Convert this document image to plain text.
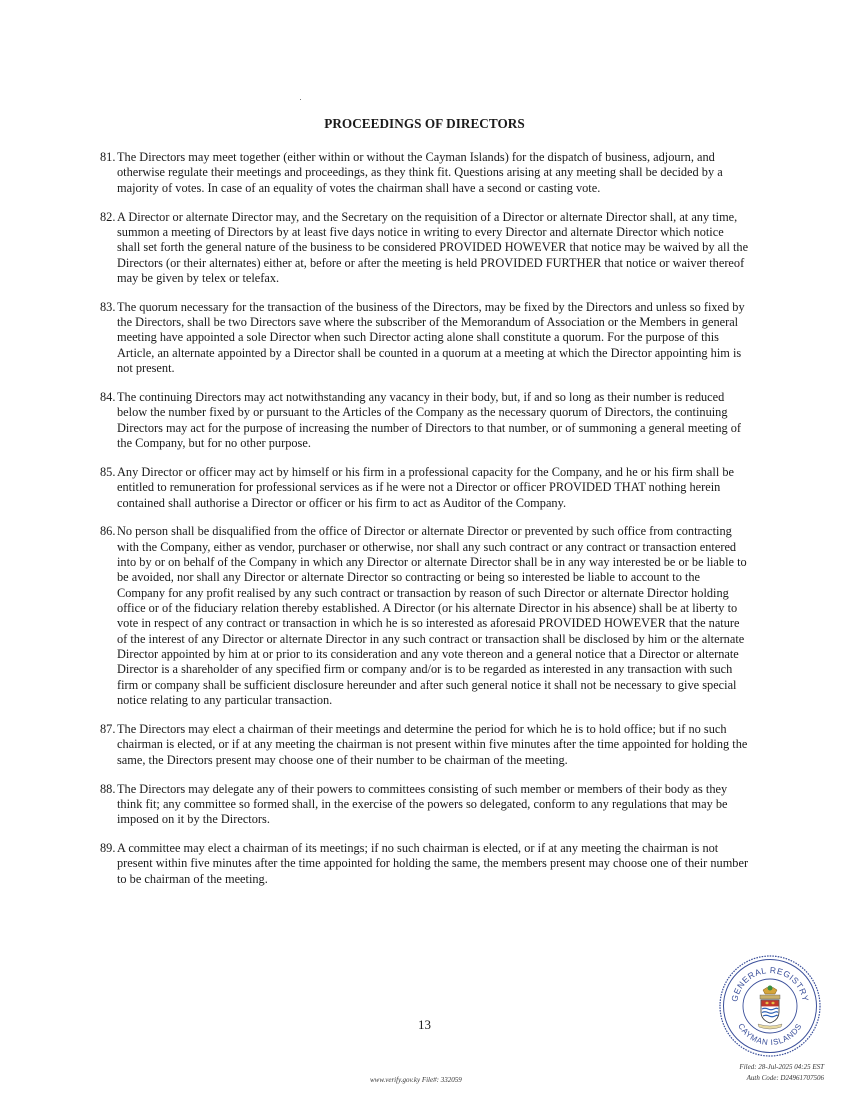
PROCEEDINGS OF DIRECTORS
81. The Directors may meet together (either within or without the Cayman Islands) for the dispatch of business, adjourn, and otherwise regulate their meetings and proceedings, as they think fit. Questions arising at any meeting shall be decided by a majority of votes. In case of an equality of votes the chairman shall have a second or casting vote.
82. A Director or alternate Director may, and the Secretary on the requisition of a Director or alternate Director shall, at any time, summon a meeting of Directors by at least five days notice in writing to every Director and alternate Director which notice shall set forth the general nature of the business to be considered PROVIDED HOWEVER that notice may be waived by all the Directors (or their alternates) either at, before or after the meeting is held PROVIDED FURTHER that notice or waiver thereof may be given by telex or telefax.
83. The quorum necessary for the transaction of the business of the Directors, may be fixed by the Directors and unless so fixed by the Directors, shall be two Directors save where the subscriber of the Memorandum of Association or the Members in general meeting have appointed a sole Director when such Director acting alone shall constitute a quorum. For the purpose of this Article, an alternate appointed by a Director shall be counted in a quorum at a meeting at which the Director appointing him is not present.
84. The continuing Directors may act notwithstanding any vacancy in their body, but, if and so long as their number is reduced below the number fixed by or pursuant to the Articles of the Company as the necessary quorum of Directors, the continuing Directors may act for the purpose of increasing the number of Directors to that number, or of summoning a general meeting of the Company, but for no other purpose.
85. Any Director or officer may act by himself or his firm in a professional capacity for the Company, and he or his firm shall be entitled to remuneration for professional services as if he were not a Director or officer PROVIDED THAT nothing herein contained shall authorise a Director or officer or his firm to act as Auditor of the Company.
86. No person shall be disqualified from the office of Director or alternate Director or prevented by such office from contracting with the Company, either as vendor, purchaser or otherwise, nor shall any such contract or any contract or transaction entered into by or on behalf of the Company in which any Director or alternate Director shall be in any way interested be or be liable to be avoided, nor shall any Director or alternate Director so contracting or being so interested be liable to account to the Company for any profit realised by any such contract or transaction by reason of such Director or alternate Director holding office or of the fiduciary relation thereby established. A Director (or his alternate Director in his absence) shall be at liberty to vote in respect of any contract or transaction in which he is so interested as aforesaid PROVIDED HOWEVER that the nature of the interest of any Director or alternate Director in any such contract or transaction shall be disclosed by him or the alternate Director appointed by him at or prior to its consideration and any vote thereon and a general notice that a Director or alternate Director is a shareholder of any specified firm or company and/or is to be regarded as interested in any transaction with such firm or company shall be sufficient disclosure hereunder and after such general notice it shall not be necessary to give special notice relating to any particular transaction.
87. The Directors may elect a chairman of their meetings and determine the period for which he is to hold office; but if no such chairman is elected, or if at any meeting the chairman is not present within five minutes after the time appointed for holding the same, the Directors present may choose one of their number to be chairman of the meeting.
88. The Directors may delegate any of their powers to committees consisting of such member or members of their body as they think fit; any committee so formed shall, in the exercise of the powers so delegated, conform to any regulations that may be imposed on it by the Directors.
89. A committee may elect a chairman of its meetings; if no such chairman is elected, or if at any meeting the chairman is not present within five minutes after the time appointed for holding the same, the members present may choose one of their number to be chairman of the meeting.
13
GENERAL REGISTRY
CAYMAN ISLANDS
Filed: 28-Jul-2025 04:25 EST
Auth Code: D24961707506
www.verify.gov.ky File#: 332059
